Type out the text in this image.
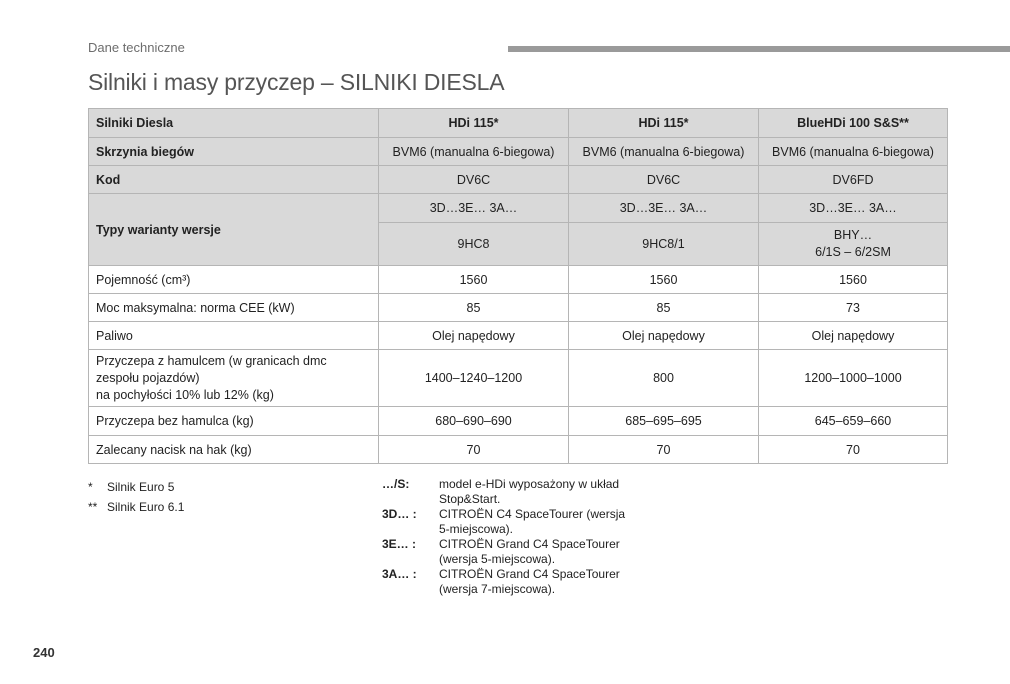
Dane techniczne
Silniki i masy przyczep – SILNIKI DIESLA
Silniki Diesla	HDi 115*	HDi 115*	BlueHDi 100 S&S**
Skrzynia biegów	BVM6 (manualna 6-biegowa)	BVM6 (manualna 6-biegowa)	BVM6 (manualna 6-biegowa)
Kod	DV6C	DV6C	DV6FD
Typy warianty wersje	3D…3E… 3A…	3D…3E… 3A…	3D…3E… 3A…
	9HC8	9HC8/1	BHY…
6/1S – 6/2SM
Pojemność (cm³)	1560	1560	1560
Moc maksymalna: norma CEE (kW)	85	85	73
Paliwo	Olej napędowy	Olej napędowy	Olej napędowy
Przyczepa z hamulcem (w granicach dmc
zespołu pojazdów)
na pochyłości 10% lub 12% (kg)	1400–1240–1200	800	1200–1000–1000
Przyczepa bez hamulca (kg)	680–690–690	685–695–695	645–659–660
Zalecany nacisk na hak (kg)	70	70	70
* Silnik Euro 5
** Silnik Euro 6.1
…/S:	model e-HDi wyposażony w układ
Stop&Start.
3D… :	CITROËN C4 SpaceTourer (wersja
5-miejscowa).
3E… :	CITROËN Grand C4 SpaceTourer
(wersja 5-miejscowa).
3A… :	CITROËN Grand C4 SpaceTourer
(wersja 7-miejscowa).
240
